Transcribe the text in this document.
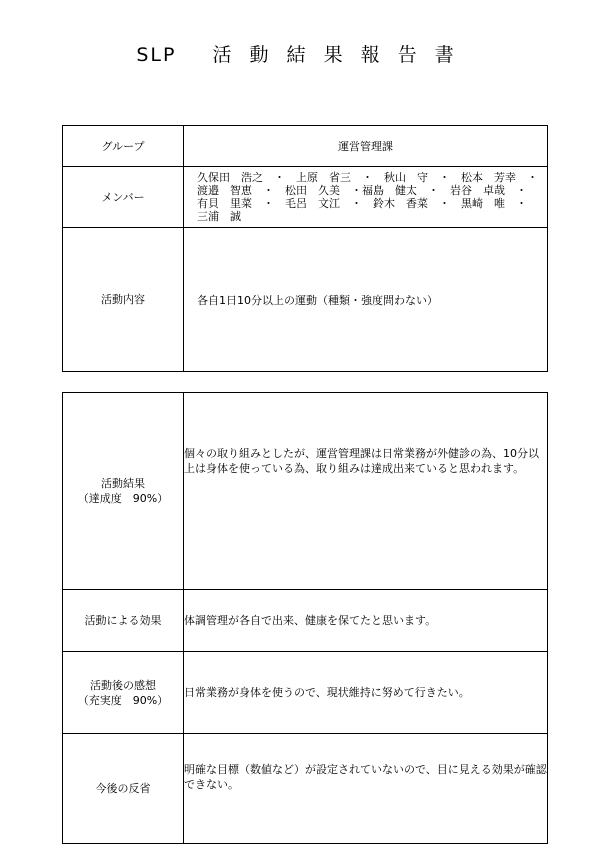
SLP 活 動 結 果 報 告 書
グループ	運営管理課
メンバー	久保田　浩之　・　上原　省三　・　秋山　守　・　松本　芳幸　・　渡邉　智恵　・　松田　久美　・福島　健太　・　岩谷　卓哉　・　有貝　里菜　・　毛呂　文江　・　鈴木　香菜　・　黒崎　唯　・　三浦　誠
活動内容	各自1日10分以上の運動（種類・強度問わない）
活動結果
（達成度　90%）	個々の取り組みとしたが、運営管理課は日常業務が外健診の為、10分以上は身体を使っている為、取り組みは達成出来ていると思われます。
活動による効果	体調管理が各自で出来、健康を保てたと思います。

活動後の感想
（充実度　90%）	日常業務が身体を使うので、現状維持に努めて行きたい。
今後の反省	明確な目標（数値など）が設定されていないので、目に見える効果が確認できない。
